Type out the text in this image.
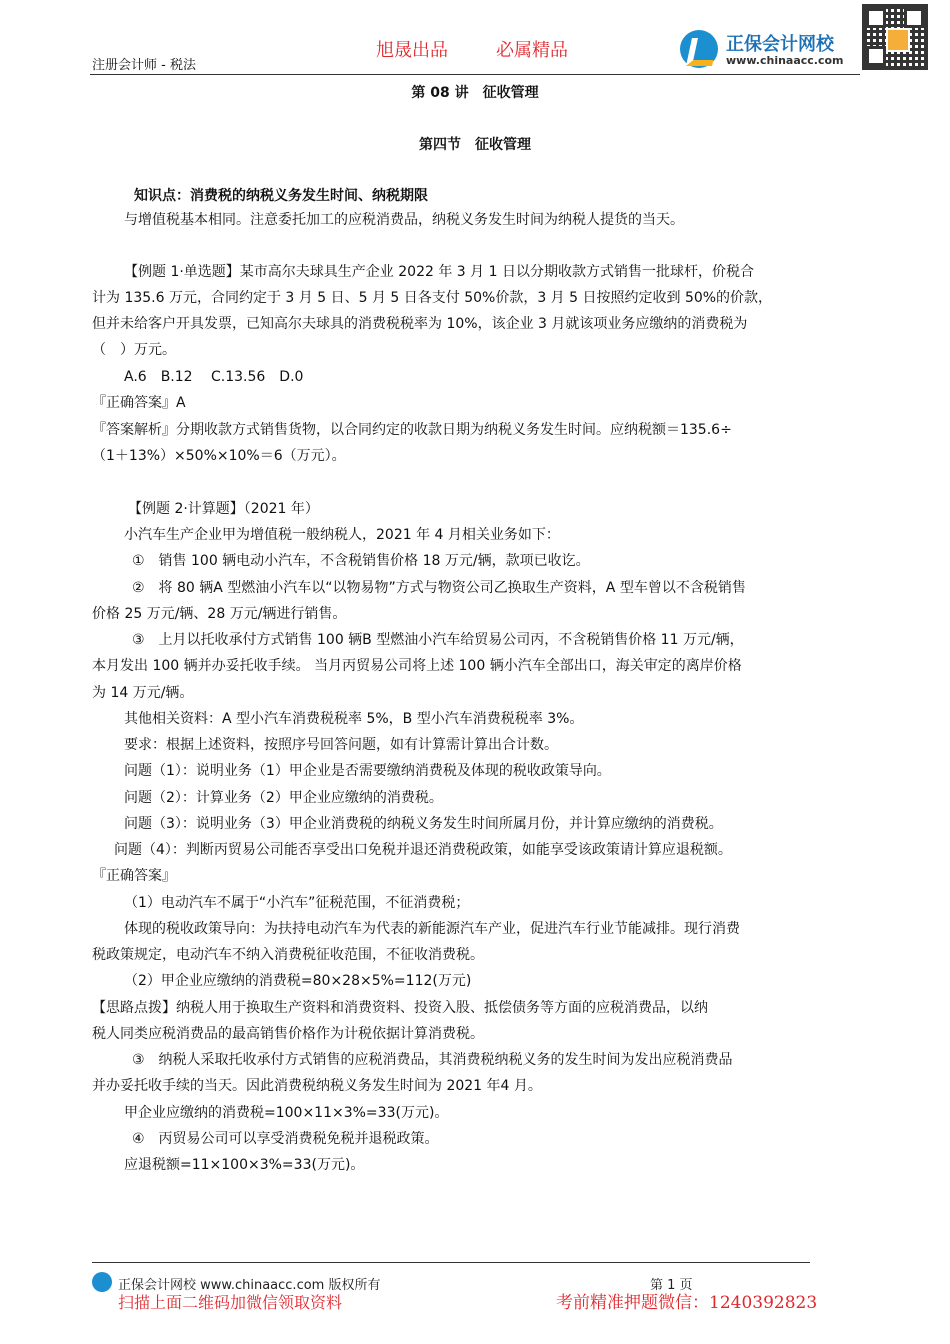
注册会计师 - 税法
旭晟出品	必属精品	正保会计网校
www.chinaacc.com
第 08 讲　征收管理
第四节　征收管理
知识点：消费税的纳税义务发生时间、纳税期限
与增值税基本相同。注意委托加工的应税消费品，纳税义务发生时间为纳税人提货的当天。
【例题 1·单选题】某市高尔夫球具生产企业 2022 年 3 月 1 日以分期收款方式销售一批球杆，价税合
计为 135.6 万元，合同约定于 3 月 5 日、5 月 5 日各支付 50%价款，3 月 5 日按照约定收到 50%的价款，
但并未给客户开具发票，已知高尔夫球具的消费税税率为 10%，该企业 3 月就该项业务应缴纳的消费税为
（　）万元。
A.6　B.12　 C.13.56　D.0
『正确答案』A
『答案解析』分期收款方式销售货物，以合同约定的收款日期为纳税义务发生时间。应纳税额＝135.6÷
（1＋13%）×50%×10%＝6（万元）。
【例题 2·计算题】（2021 年）
小汽车生产企业甲为增值税一般纳税人，2021 年 4 月相关业务如下：
①　销售 100 辆电动小汽车，不含税销售价格 18 万元/辆，款项已收讫。
②　将 80 辆A 型燃油小汽车以“以物易物”方式与物资公司乙换取生产资料，A 型车曾以不含税销售
价格 25 万元/辆、28 万元/辆进行销售。
③　上月以托收承付方式销售 100 辆B 型燃油小汽车给贸易公司丙，不含税销售价格 11 万元/辆，
本月发出 100 辆并办妥托收手续。 当月丙贸易公司将上述 100 辆小汽车全部出口，海关审定的离岸价格
为 14 万元/辆。
其他相关资料：A 型小汽车消费税税率 5%，B 型小汽车消费税税率 3%。
要求：根据上述资料，按照序号回答问题，如有计算需计算出合计数。
问题（1）：说明业务（1）甲企业是否需要缴纳消费税及体现的税收政策导向。
问题（2）：计算业务（2）甲企业应缴纳的消费税。
问题（3）：说明业务（3）甲企业消费税的纳税义务发生时间所属月份，并计算应缴纳的消费税。
问题（4）：判断丙贸易公司能否享受出口免税并退还消费税政策，如能享受该政策请计算应退税额。
『正确答案』
（1）电动汽车不属于“小汽车”征税范围，不征消费税；
体现的税收政策导向：为扶持电动汽车为代表的新能源汽车产业，促进汽车行业节能减排。现行消费
税政策规定，电动汽车不纳入消费税征收范围，不征收消费税。
（2）甲企业应缴纳的消费税=80×28×5%=112(万元)
【思路点拨】纳税人用于换取生产资料和消费资料、投资入股、抵偿债务等方面的应税消费品，以纳
税人同类应税消费品的最高销售价格作为计税依据计算消费税。
③　纳税人采取托收承付方式销售的应税消费品，其消费税纳税义务的发生时间为发出应税消费品
并办妥托收手续的当天。因此消费税纳税义务发生时间为 2021 年4 月。
甲企业应缴纳的消费税=100×11×3%=33(万元)。
④　丙贸易公司可以享受消费税免税并退税政策。
应退税额=11×100×3%=33(万元)。
正保会计网校 www.chinaacc.com 版权所有	第 1 页
扫描上面二维码加微信领取资料	考前精准押题微信：1240392823
